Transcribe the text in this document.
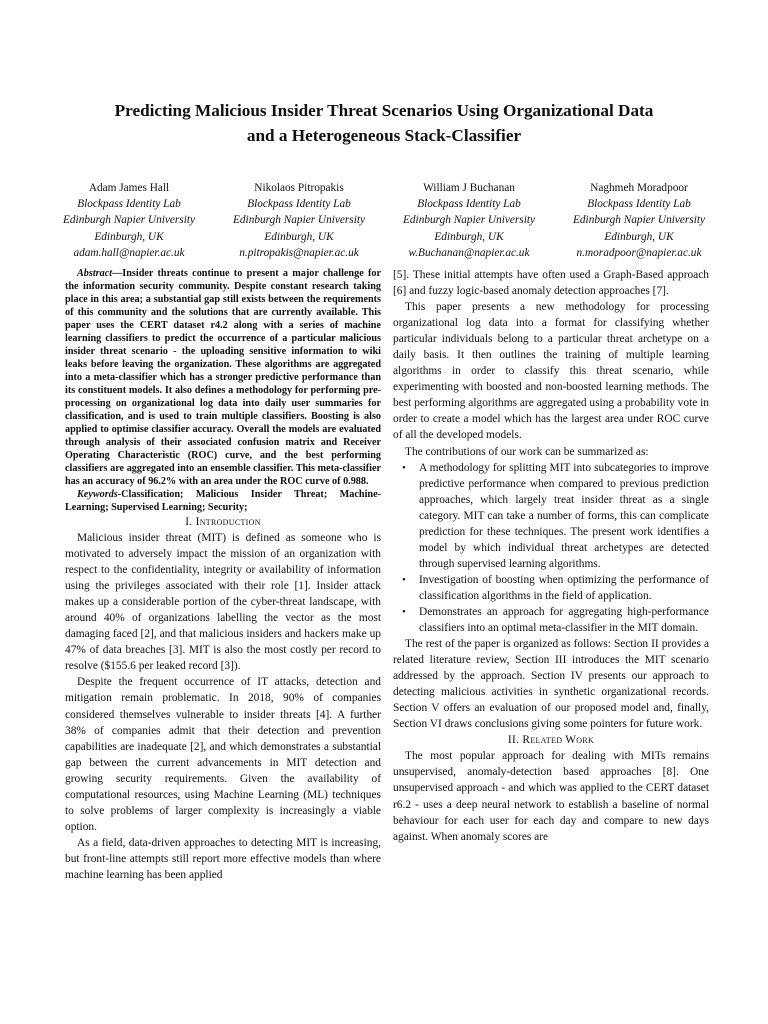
Predicting Malicious Insider Threat Scenarios Using Organizational Data
and a Heterogeneous Stack-Classifier
Adam James Hall
Blockpass Identity Lab
Edinburgh Napier University
Edinburgh, UK
adam.hall@napier.ac.uk
Nikolaos Pitropakis
Blockpass Identity Lab
Edinburgh Napier University
Edinburgh, UK
n.pitropakis@napier.ac.uk
William J Buchanan
Blockpass Identity Lab
Edinburgh Napier University
Edinburgh, UK
w.Buchanan@napier.ac.uk
Naghmeh Moradpoor
Blockpass Identity Lab
Edinburgh Napier University
Edinburgh, UK
n.moradpoor@napier.ac.uk

Abstract—Insider threats continue to present a major challenge for the information security community. Despite constant research taking place in this area; a substantial gap still exists between the requirements of this community and the solutions that are currently available. This paper uses the CERT dataset r4.2 along with a series of machine learning classifiers to predict the occurrence of a particular malicious insider threat scenario - the uploading sensitive information to wiki leaks before leaving the organization. These algorithms are aggregated into a meta-classifier which has a stronger predictive performance than its constituent models. It also defines a methodology for performing pre-processing on organizational log data into daily user summaries for classification, and is used to train multiple classifiers. Boosting is also applied to optimise classifier accuracy. Overall the models are evaluated through analysis of their associated confusion matrix and Receiver Operating Characteristic (ROC) curve, and the best performing classifiers are aggregated into an ensemble classifier. This meta-classifier has an accuracy of 96.2% with an area under the ROC curve of 0.988.

Keywords-Classification; Malicious Insider Threat; Machine-Learning; Supervised Learning; Security;

I. Introduction

Malicious insider threat (MIT) is defined as someone who is motivated to adversely impact the mission of an organization with respect to the confidentiality, integrity or availability of information using the privileges associated with their role [1]. Insider attack makes up a considerable portion of the cyber-threat landscape, with around 40% of organizations labelling the vector as the most damaging faced [2], and that malicious insiders and hackers make up 47% of data breaches [3]. MIT is also the most costly per record to resolve ($155.6 per leaked record [3]).

Despite the frequent occurrence of IT attacks, detection and mitigation remain problematic. In 2018, 90% of companies considered themselves vulnerable to insider threats [4]. A further 38% of companies admit that their detection and prevention capabilities are inadequate [2], and which demonstrates a substantial gap between the current advancements in MIT detection and growing security requirements. Given the availability of computational resources, using Machine Learning (ML) techniques to solve problems of larger complexity is increasingly a viable option.

As a field, data-driven approaches to detecting MIT is increasing, but front-line attempts still report more effective models than where machine learning has been applied

[5]. These initial attempts have often used a Graph-Based approach [6] and fuzzy logic-based anomaly detection approaches [7].

This paper presents a new methodology for processing organizational log data into a format for classifying whether particular individuals belong to a particular threat archetype on a daily basis. It then outlines the training of multiple learning algorithms in order to classify this threat scenario, while experimenting with boosted and non-boosted learning methods. The best performing algorithms are aggregated using a probability vote in order to create a model which has the largest area under ROC curve of all the developed models.

The contributions of our work can be summarized as:

• A methodology for splitting MIT into subcategories to improve predictive performance when compared to previous prediction approaches, which largely treat insider threat as a single category. MIT can take a number of forms, this can complicate prediction for these techniques. The present work identifies a model by which individual threat archetypes are detected through supervised learning algorithms.
• Investigation of boosting when optimizing the performance of classification algorithms in the field of application.
• Demonstrates an approach for aggregating high-performance classifiers into an optimal meta-classifier in the MIT domain.

The rest of the paper is organized as follows: Section II provides a related literature review, Section III introduces the MIT scenario addressed by the approach. Section IV presents our approach to detecting malicious activities in synthetic organizational records. Section V offers an evaluation of our proposed model and, finally, Section VI draws conclusions giving some pointers for future work.

II. Related Work

The most popular approach for dealing with MITs remains unsupervised, anomaly-detection based approaches [8]. One unsupervised approach - and which was applied to the CERT dataset r6.2 - uses a deep neural network to establish a baseline of normal behaviour for each user for each day and compare to new days against. When anomaly scores are
